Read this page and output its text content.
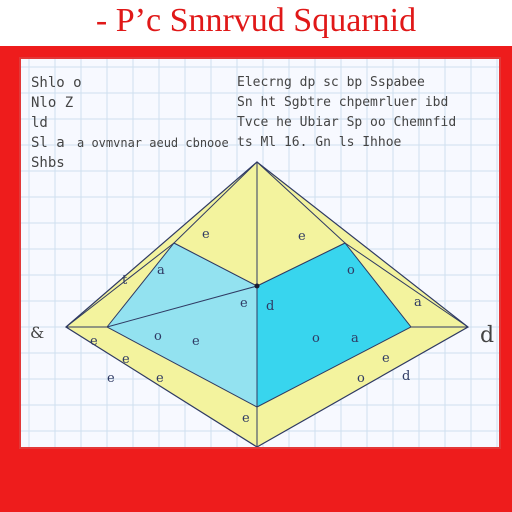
- P’c Snnrvud Squarnid
e	e
a	o
e d
o e	o a
e
e
e
e
o	d
e
e
t
a
&	d
Shlo o
Nlo Z
ld
Sl a
Shbs
a ovmvnar aeud cbnooe
Elecrng dp sc bp Sspabee
Sn ht Sgbtre chpemrluer ibd
Tvce he Ubiar Sp oo Chemnfid
ts Ml 16. Gn ls Ihhoe
